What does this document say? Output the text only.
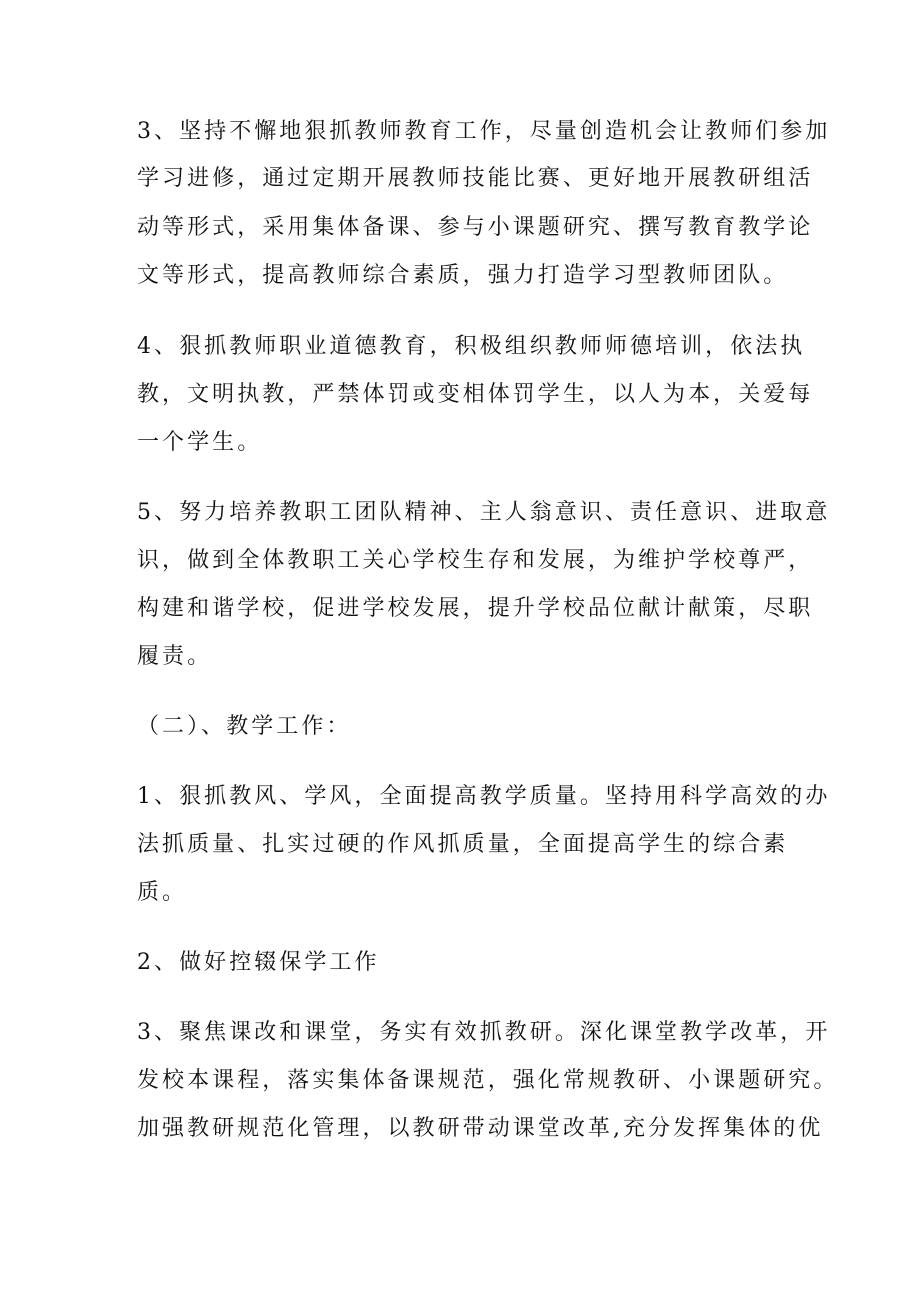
3、坚持不懈地狠抓教师教育工作，尽量创造机会让教师们参加
学习进修，通过定期开展教师技能比赛、更好地开展教研组活
动等形式，采用集体备课、参与小课题研究、撰写教育教学论
文等形式，提高教师综合素质，强力打造学习型教师团队。
4、狠抓教师职业道德教育，积极组织教师师德培训，依法执
教，文明执教，严禁体罚或变相体罚学生，以人为本，关爱每
一个学生。
5、努力培养教职工团队精神、主人翁意识、责任意识、进取意
识，做到全体教职工关心学校生存和发展，为维护学校尊严，
构建和谐学校，促进学校发展，提升学校品位献计献策，尽职
履责。
（二）、教学工作：
1、狠抓教风、学风，全面提高教学质量。坚持用科学高效的办
法抓质量、扎实过硬的作风抓质量，全面提高学生的综合素
质。
2、做好控辍保学工作
3、聚焦课改和课堂，务实有效抓教研。深化课堂教学改革，开
发校本课程，落实集体备课规范，强化常规教研、小课题研究。
加强教研规范化管理，以教研带动课堂改革,充分发挥集体的优
